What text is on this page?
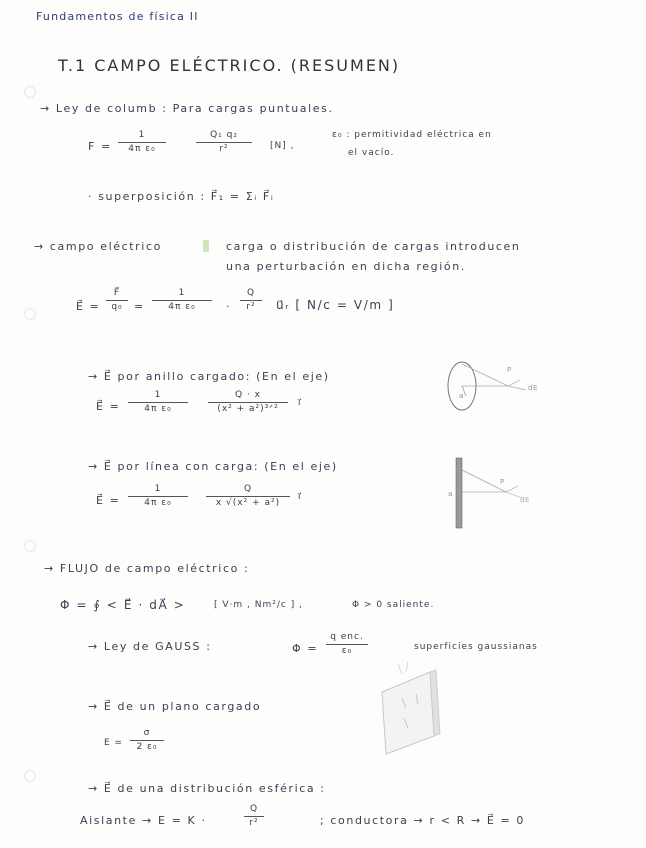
Fundamentos de física II
T.1 CAMPO ELÉCTRICO. (RESUMEN)
→ Ley de columb : Para cargas puntuales.
F =
1
4π ε₀
Q₁ q₂
r²	[N] ,
ε₀ : permitividad eléctrica en
el vacío.
· superposición : F⃗₁ = Σᵢ F⃗ᵢ
→ campo eléctrico	carga o distribución de cargas introducen
una perturbación en dicha región.
E⃗ =
F⃗
q₀	=
1
4π ε₀	·
Q
r²	u⃗ᵣ [ N/c = V/m ]
→ E⃗ por anillo cargado: (En el eje)
E⃗ =
1
4π ε₀
Q · x
(x² + a²)³ᐟ²
i⃗
P
a
dE
→ E⃗ por línea con carga: (En el eje)
E⃗ =
1
4π ε₀
Q
x √(x² + a²)
i⃗
P
a
dE
→ FLUJO de campo eléctrico :
Φ = ∮ < E⃗ · dA⃗ >	[ V·m , Nm²/c ] ,	Φ > 0 saliente.
→ Ley de GAUSS :	Φ =
q enc.
ε₀	superficies gaussianas
→ E⃗ de un plano cargado
E =
σ
2 ε₀
→ E⃗ de una distribución esférica :
Aislante → E = K ·
Q
r²	; conductora → r < R → E⃗ = 0
